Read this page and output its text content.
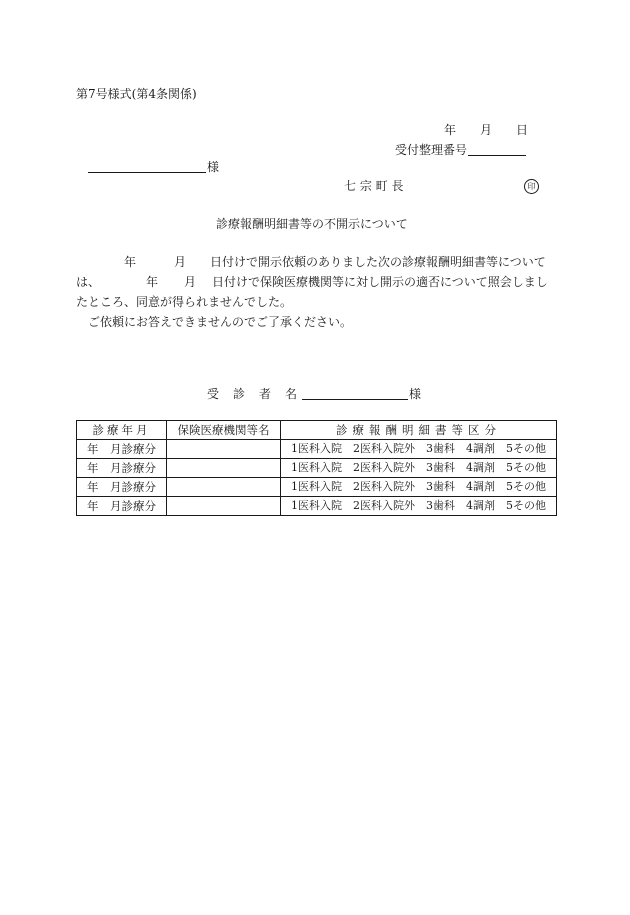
第7号様式(第4条関係)
年 月 日
受付整理番号
様
七 宗 町 長	印
診療報酬明細書等の不開示について
年	月 日付けで開示依頼のありました次の診療報酬明細書等について
は、	年 月 日付けで保険医療機関等に対し開示の適否について照会しまし
たところ、同意が得られませんでした。
ご依頼にお答えできませんのでご了承ください。
受診者名	様
診療年月	保険医療機関等名	診療報酬明細書等区分
年　月診療分		1医科入院　2医科入院外　3歯科　4調剤　5その他
年　月診療分		1医科入院　2医科入院外　3歯科　4調剤　5その他
年　月診療分		1医科入院　2医科入院外　3歯科　4調剤　5その他
年　月診療分		1医科入院　2医科入院外　3歯科　4調剤　5その他
